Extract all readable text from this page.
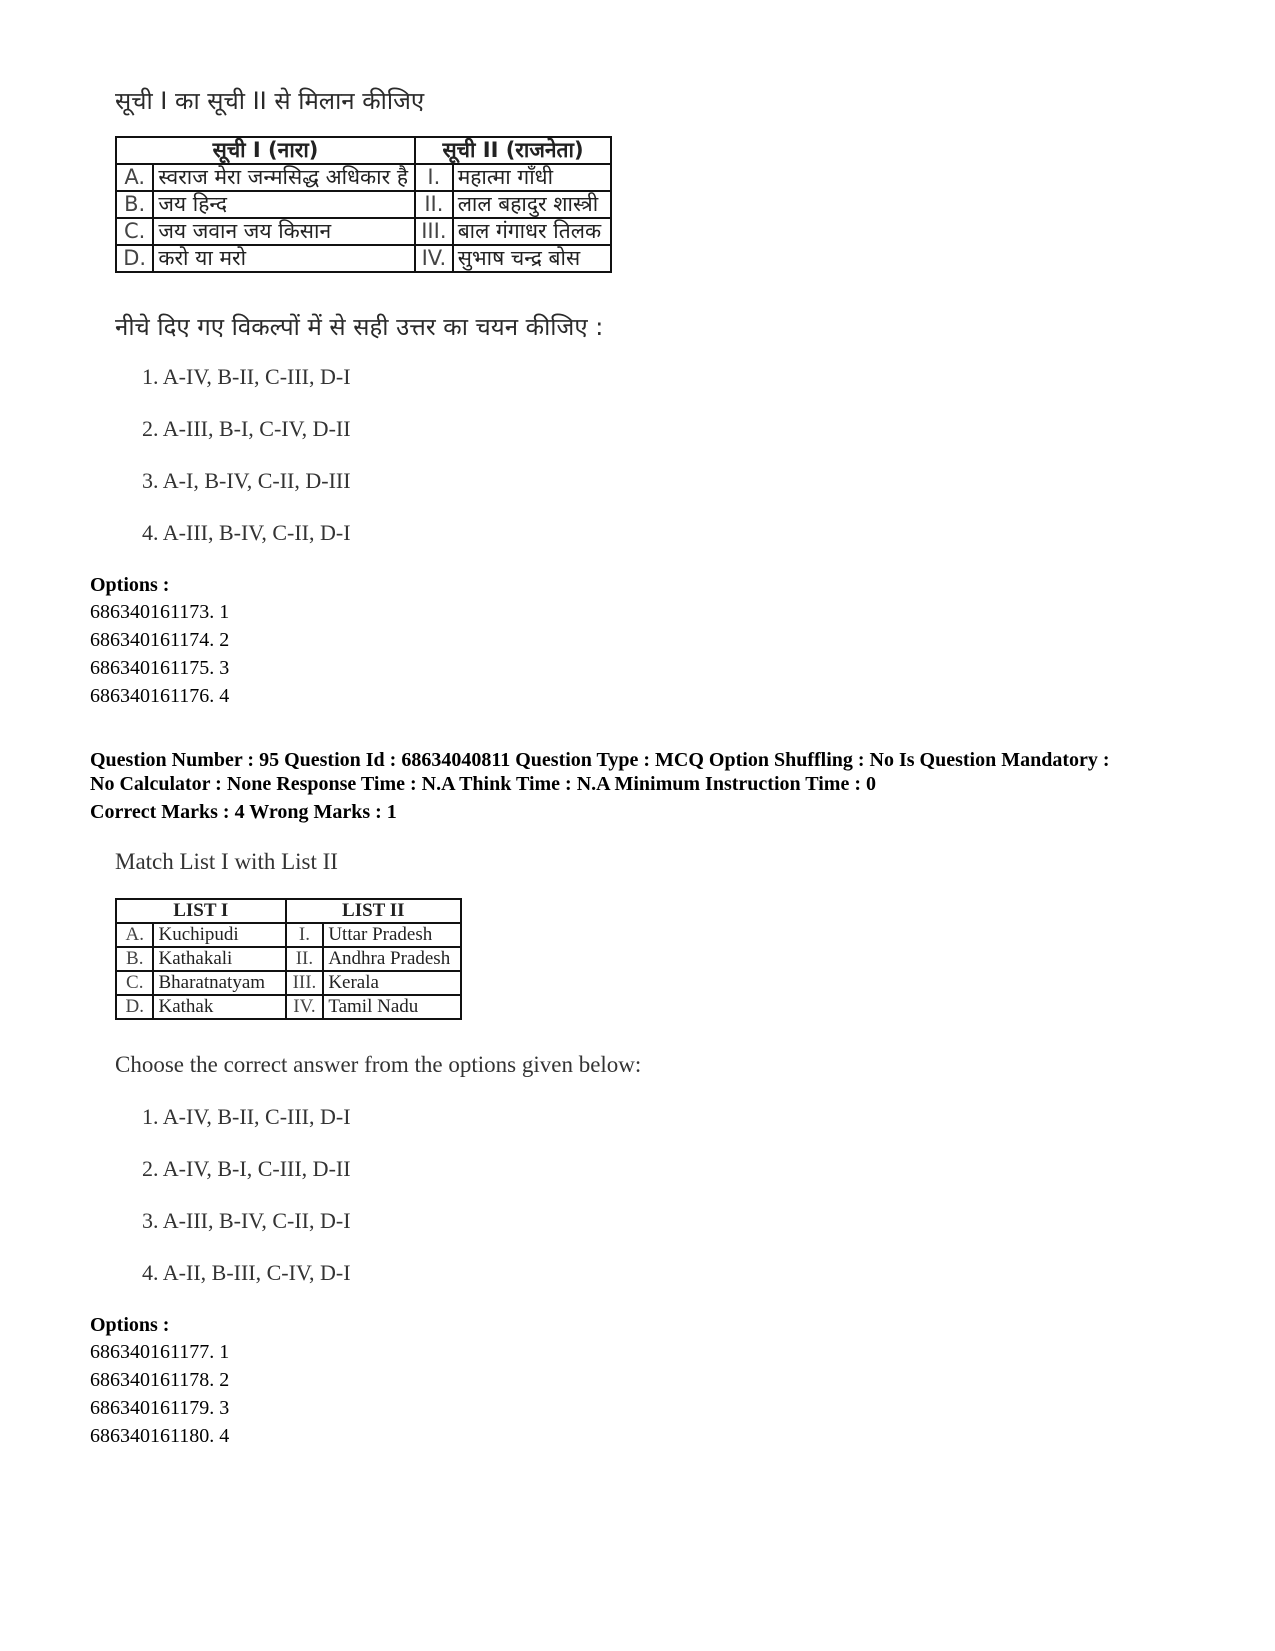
सूची I का सूची II से मिलान कीजिए
सूची I (नारा)		सूची II (राजनेता)	
A.	स्वराज मेरा जन्मसिद्ध अधिकार है	I.	महात्मा गाँधी
B.	जय हिन्द	II.	लाल बहादुर शास्त्री
C.	जय जवान जय किसान	III.	बाल गंगाधर तिलक
D.	करो या मरो	IV.	सुभाष चन्द्र बोस
नीचे दिए गए विकल्पों में से सही उत्तर का चयन कीजिए :
1. A-IV, B-II, C-III, D-I
2. A-III, B-I, C-IV, D-II
3. A-I, B-IV, C-II, D-III
4. A-III, B-IV, C-II, D-I
Options :
686340161173. 1
686340161174. 2
686340161175. 3
686340161176. 4
Question Number : 95 Question Id : 68634040811 Question Type : MCQ Option Shuffling : No Is Question Mandatory :
No Calculator : None Response Time : N.A Think Time : N.A Minimum Instruction Time : 0
Correct Marks : 4 Wrong Marks : 1
Match List I with List II
LIST I		LIST II	
A.	Kuchipudi	I.	Uttar Pradesh
B.	Kathakali	II.	Andhra Pradesh
C.	Bharatnatyam	III.	Kerala
D.	Kathak	IV.	Tamil Nadu
Choose the correct answer from the options given below:
1. A-IV, B-II, C-III, D-I
2. A-IV, B-I, C-III, D-II
3. A-III, B-IV, C-II, D-I
4. A-II, B-III, C-IV, D-I
Options :
686340161177. 1
686340161178. 2
686340161179. 3
686340161180. 4
